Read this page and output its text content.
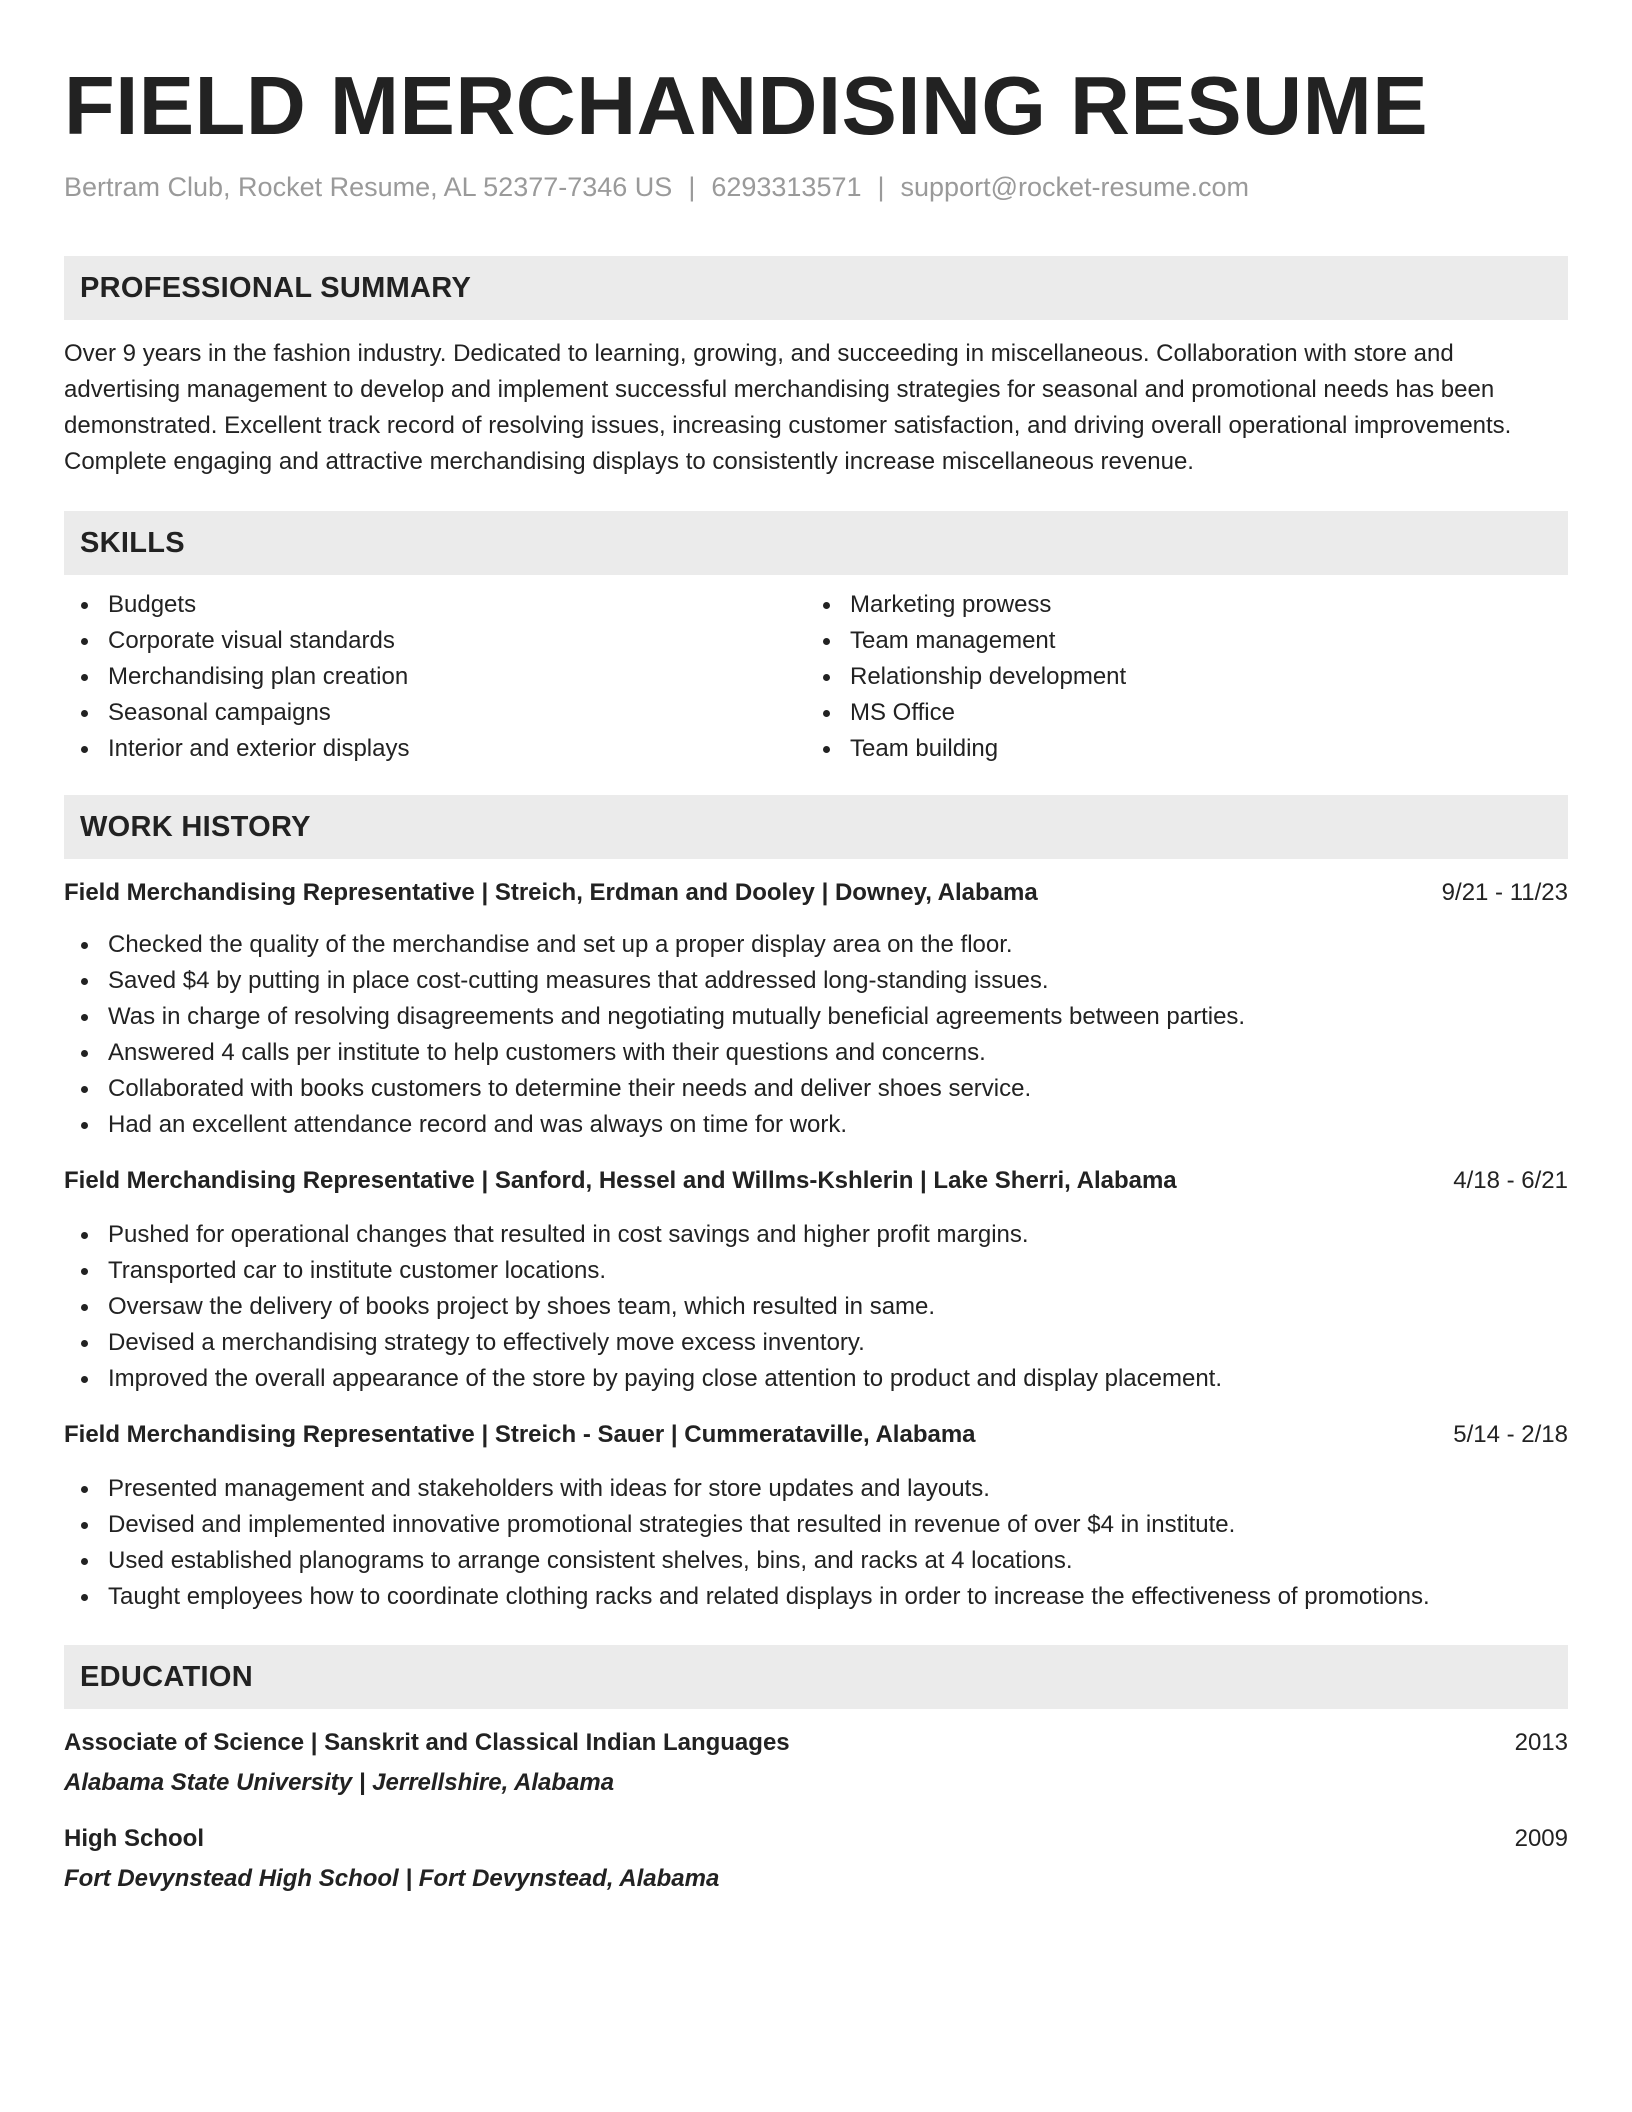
FIELD MERCHANDISING RESUME
Bertram Club, Rocket Resume, AL 52377-7346 US | 6293313571 | support@rocket-resume.com
PROFESSIONAL SUMMARY

Over 9 years in the fashion industry. Dedicated to learning, growing, and succeeding in miscellaneous. Collaboration with store and advertising management to develop and implement successful merchandising strategies for seasonal and promotional needs has been demonstrated. Excellent track record of resolving issues, increasing customer satisfaction, and driving overall operational improvements. Complete engaging and attractive merchandising displays to consistently increase miscellaneous revenue.

SKILLS
Budgets
Corporate visual standards
Merchandising plan creation
Seasonal campaigns
Interior and exterior displays
Marketing prowess
Team management
Relationship development
MS Office
Team building
WORK HISTORY
Field Merchandising Representative | Streich, Erdman and Dooley | Downey, Alabama	9/21 - 11/23
Checked the quality of the merchandise and set up a proper display area on the floor.
Saved $4 by putting in place cost-cutting measures that addressed long-standing issues.
Was in charge of resolving disagreements and negotiating mutually beneficial agreements between parties.
Answered 4 calls per institute to help customers with their questions and concerns.
Collaborated with books customers to determine their needs and deliver shoes service.
Had an excellent attendance record and was always on time for work.
Field Merchandising Representative | Sanford, Hessel and Willms-Kshlerin | Lake Sherri, Alabama	4/18 - 6/21
Pushed for operational changes that resulted in cost savings and higher profit margins.
Transported car to institute customer locations.
Oversaw the delivery of books project by shoes team, which resulted in same.
Devised a merchandising strategy to effectively move excess inventory.
Improved the overall appearance of the store by paying close attention to product and display placement.
Field Merchandising Representative | Streich - Sauer | Cummerataville, Alabama	5/14 - 2/18
Presented management and stakeholders with ideas for store updates and layouts.
Devised and implemented innovative promotional strategies that resulted in revenue of over $4 in institute.
Used established planograms to arrange consistent shelves, bins, and racks at 4 locations.
Taught employees how to coordinate clothing racks and related displays in order to increase the effectiveness of promotions.
EDUCATION
Associate of Science | Sanskrit and Classical Indian Languages	2013
Alabama State University | Jerrellshire, Alabama
High School	2009
Fort Devynstead High School | Fort Devynstead, Alabama
